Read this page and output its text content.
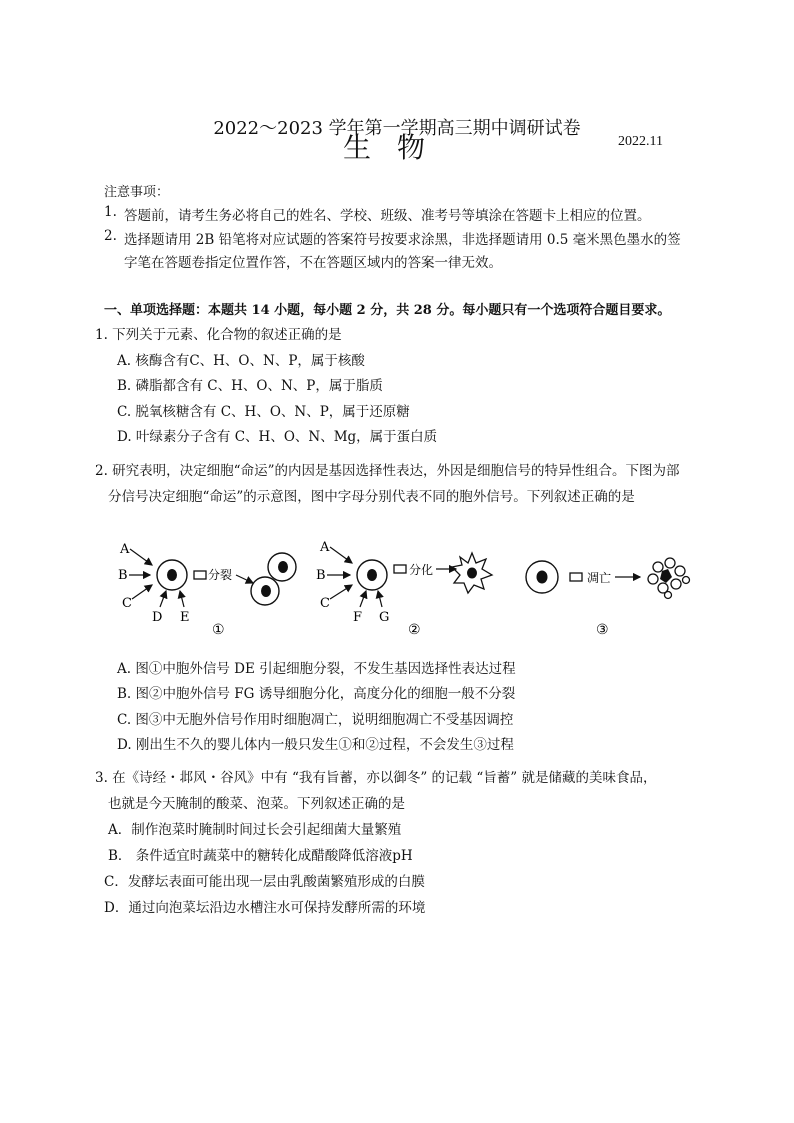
2022～2023 学年第一学期高三期中调研试卷
生物	2022.11
注意事项：
1. 答题前，请考生务必将自己的姓名、学校、班级、准考号等填涂在答题卡上相应的位置。
2. 选择题请用 2B 铅笔将对应试题的答案符号按要求涂黑，非选择题请用 0.5 毫米黑色墨水的签
字笔在答题卷指定位置作答，不在答题区域内的答案一律无效。
一、单项选择题：本题共 14 小题，每小题 2 分，共 28 分。每小题只有一个选项符合题目要求。
1. 下列关于元素、化合物的叙述正确的是
A. 核酶含有C、H、O、N、P，属于核酸
B. 磷脂都含有 C、H、O、N、P，属于脂质
C. 脱氧核糖含有 C、H、O、N、P，属于还原糖
D. 叶绿素分子含有 C、H、O、N、Mg，属于蛋白质
2. 研究表明，决定细胞“命运”的内因是基因选择性表达，外因是细胞信号的特异性组合。下图为部
分信号决定细胞“命运”的示意图，图中字母分别代表不同的胞外信号。下列叙述正确的是
A
B
C
D E
分裂
①
A
B
C
F G
分化
②
凋亡
③
A. 图①中胞外信号 DE 引起细胞分裂，不发生基因选择性表达过程
B. 图②中胞外信号 FG 诱导细胞分化，高度分化的细胞一般不分裂
C. 图③中无胞外信号作用时细胞凋亡，说明细胞凋亡不受基因调控
D. 刚出生不久的婴儿体内一般只发生①和②过程，不会发生③过程
3. 在《诗经・邶风・谷风》中有 “我有旨蓄，亦以御冬” 的记载 “旨蓄” 就是储藏的美味食品，
也就是今天腌制的酸菜、泡菜。下列叙述正确的是
A．制作泡菜时腌制时间过长会引起细菌大量繁殖
B． 条件适宜时蔬菜中的糖转化成醋酸降低溶液pH
C．发酵坛表面可能出现一层由乳酸菌繁殖形成的白膜
D．通过向泡菜坛沿边水槽注水可保持发酵所需的环境
